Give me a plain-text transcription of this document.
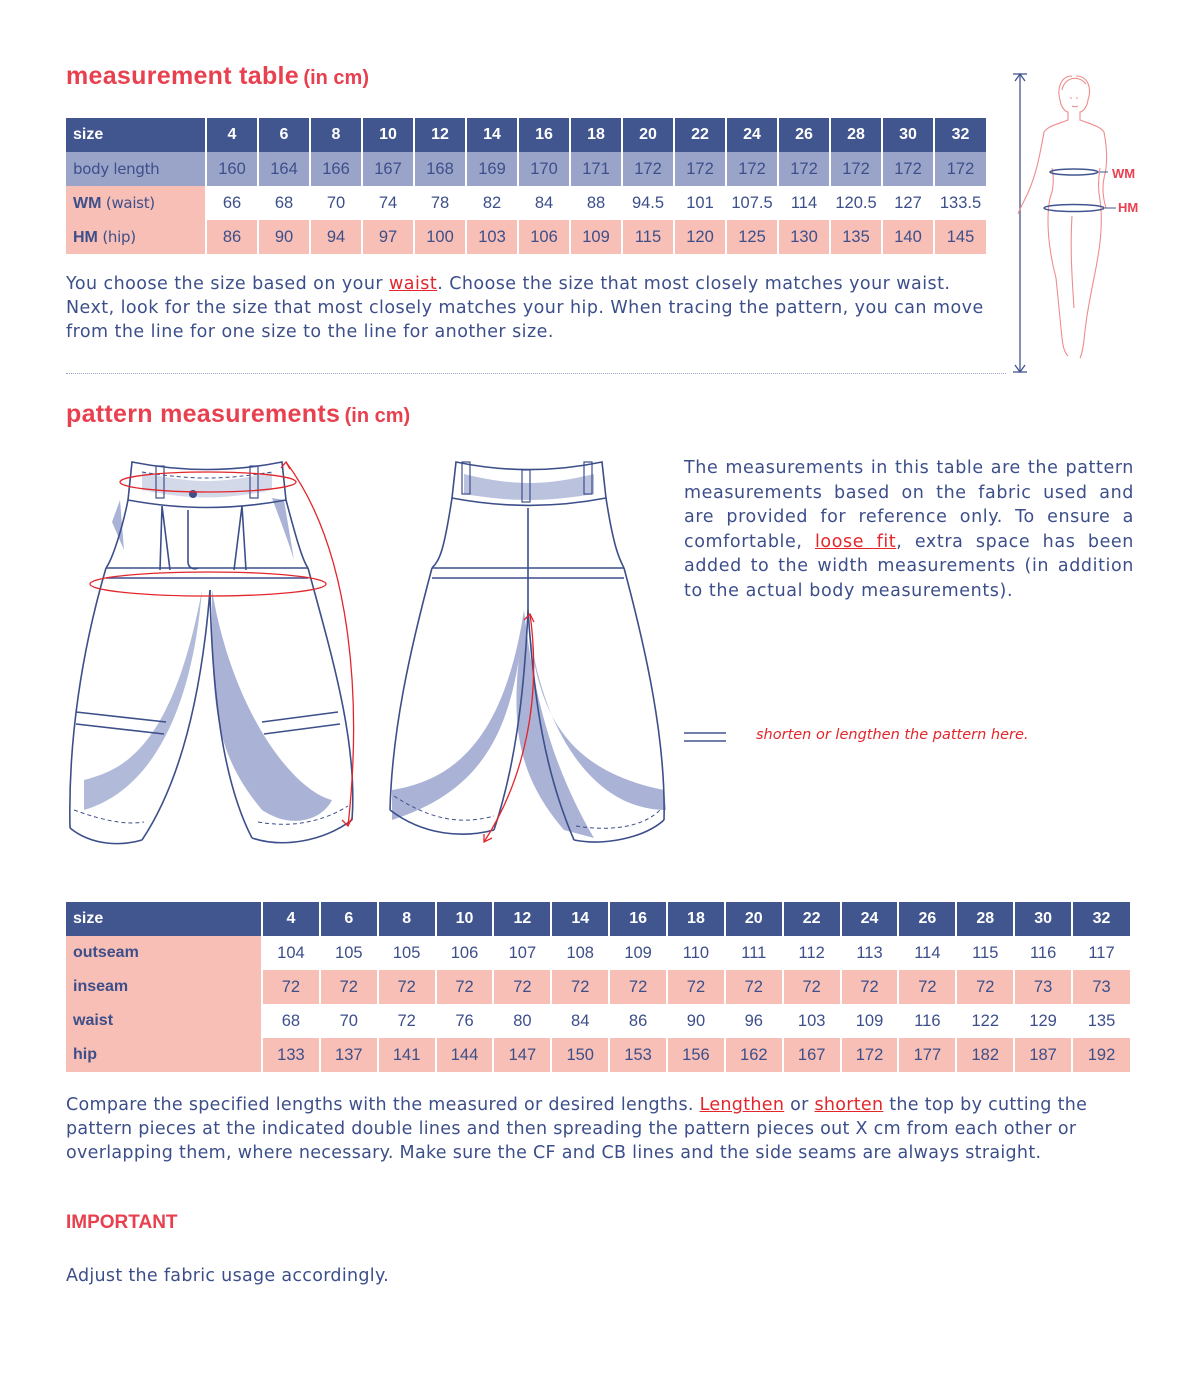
measurement table (in cm)
size	4	6	8	10	12	14	16	18	20	22	24	26	28	30	32
body length	160	164	166	167	168	169	170	171	172	172	172	172	172	172	172
WM (waist)	66	68	70	74	78	82	84	88	94.5	101	107.5	114	120.5	127	133.5
HM (hip)	86	90	94	97	100	103	106	109	115	120	125	130	135	140	145
You choose the size based on your waist. Choose the size that most closely matches your waist. Next, look for the size that most closely matches your hip. When tracing the pattern, you can move from the line for one size to the line for another size.
WM
HM
pattern measurements (in cm)
The measurements in this table are the pattern measurements based on the fabric used and are provided for reference only. To ensure a comfortable, loose fit, extra space has been added to the width measurements (in addition to the actual body measurements).
shorten or lengthen the pattern here.
size	4	6	8	10	12	14	16	18	20	22	24	26	28	30	32
outseam	104	105	105	106	107	108	109	110	111	112	113	114	115	116	117
inseam	72	72	72	72	72	72	72	72	72	72	72	72	72	73	73
waist	68	70	72	76	80	84	86	90	96	103	109	116	122	129	135
hip	133	137	141	144	147	150	153	156	162	167	172	177	182	187	192
Compare the specified lengths with the measured or desired lengths. Lengthen or shorten the top by cutting the pattern pieces at the indicated double lines and then spreading the pattern pieces out X cm from each other or overlapping them, where necessary. Make sure the CF and CB lines and the side seams are always straight.
IMPORTANT
Adjust the fabric usage accordingly.
